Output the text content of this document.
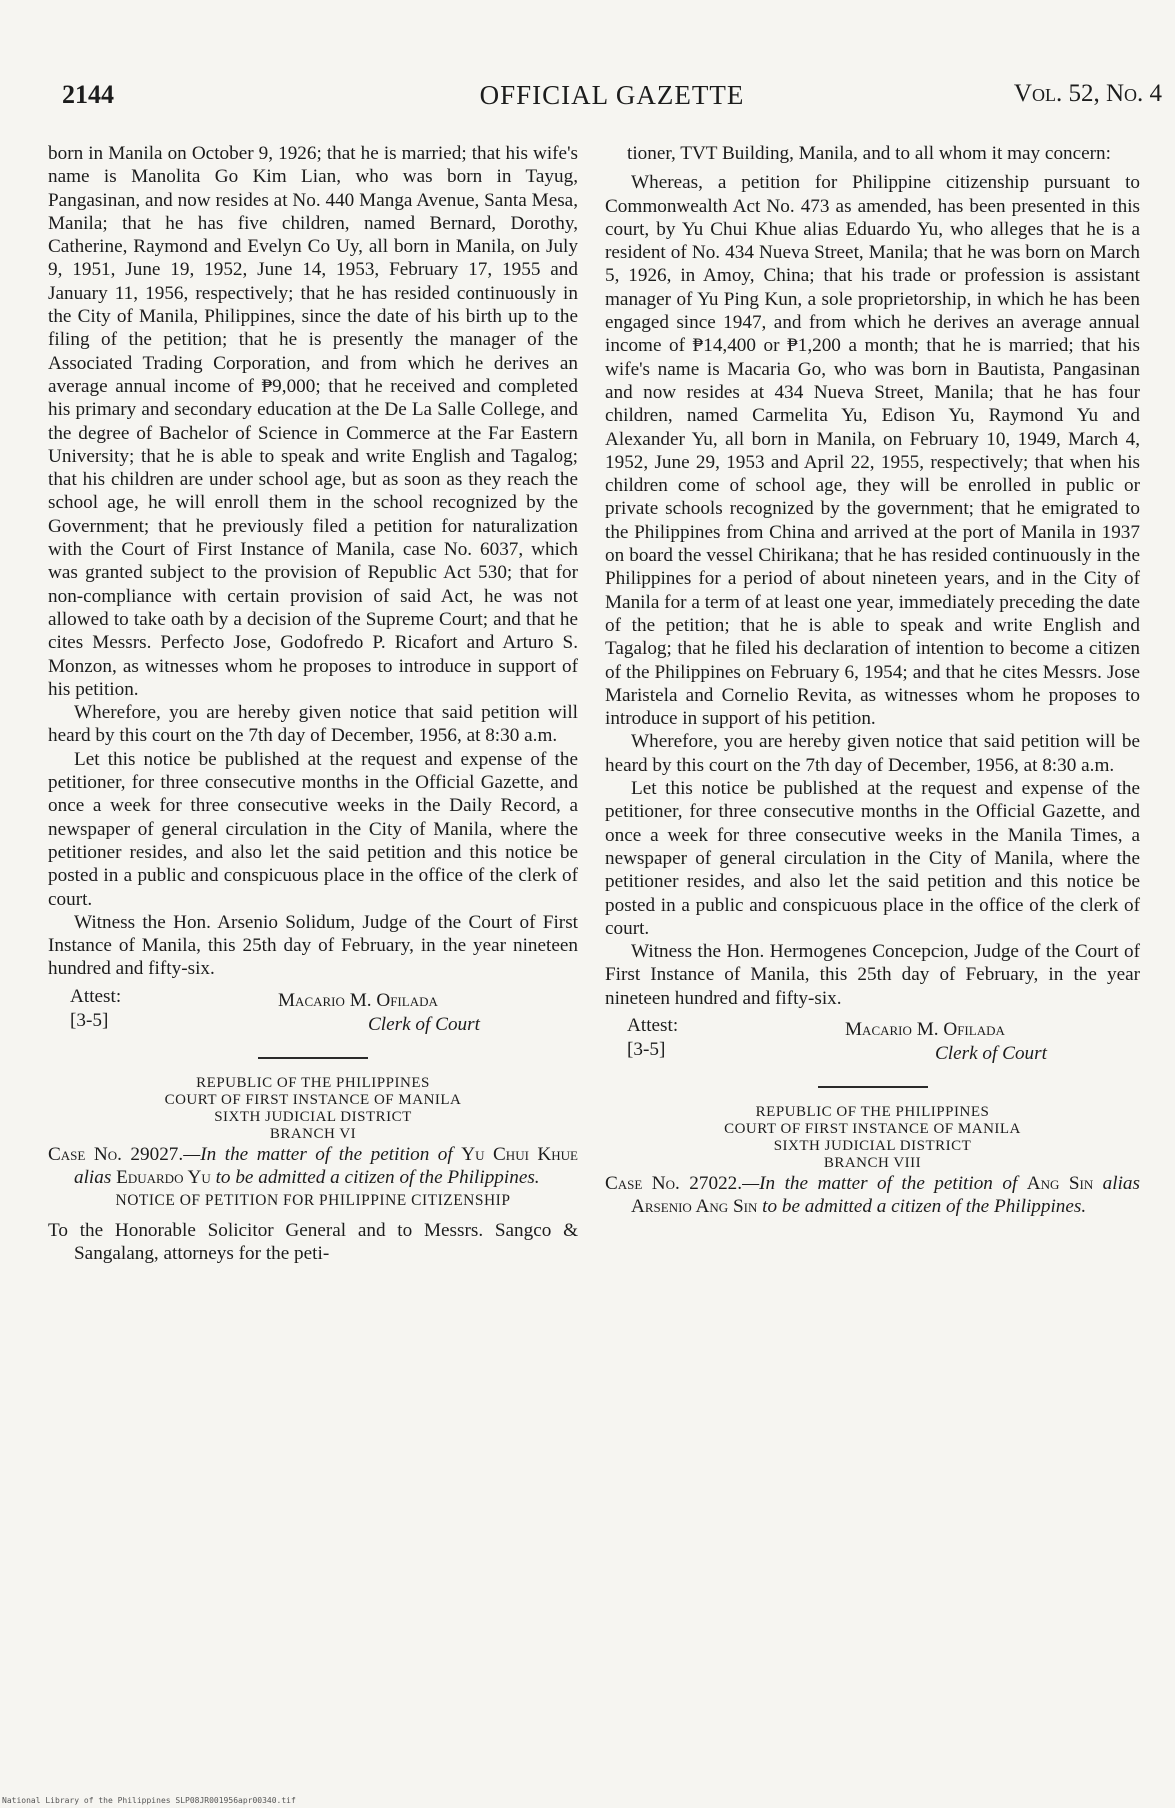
2144	OFFICIAL GAZETTE	Vol. 52, No. 4

born in Manila on October 9, 1926; that he is married; that his wife's name is Manolita Go Kim Lian, who was born in Tayug, Pangasinan, and now resides at No. 440 Manga Avenue, Santa Mesa, Manila; that he has five children, named Bernard, Dorothy, Catherine, Raymond and Evelyn Co Uy, all born in Manila, on July 9, 1951, June 19, 1952, June 14, 1953, February 17, 1955 and January 11, 1956, respectively; that he has resided continuously in the City of Manila, Philippines, since the date of his birth up to the filing of the petition; that he is presently the manager of the Associated Trading Corporation, and from which he derives an average annual income of ₱9,000; that he received and completed his primary and secondary education at the De La Salle College, and the degree of Bachelor of Science in Commerce at the Far Eastern University; that he is able to speak and write English and Tagalog; that his children are under school age, but as soon as they reach the school age, he will enroll them in the school recognized by the Government; that he previously filed a petition for naturalization with the Court of First Instance of Manila, case No. 6037, which was granted subject to the provision of Republic Act 530; that for non-compliance with certain provision of said Act, he was not allowed to take oath by a decision of the Supreme Court; and that he cites Messrs. Perfecto Jose, Godofredo P. Ricafort and Arturo S. Monzon, as witnesses whom he proposes to introduce in support of his petition.

Wherefore, you are hereby given notice that said petition will heard by this court on the 7th day of December, 1956, at 8:30 a.m.

Let this notice be published at the request and expense of the petitioner, for three consecutive months in the Official Gazette, and once a week for three consecutive weeks in the Daily Record, a newspaper of general circulation in the City of Manila, where the petitioner resides, and also let the said petition and this notice be posted in a public and conspicuous place in the office of the clerk of court.

Witness the Hon. Arsenio Solidum, Judge of the Court of First Instance of Manila, this 25th day of February, in the year nineteen hundred and fifty-six.

Attest:
[3-5]
Macario M. Ofilada
Clerk of Court
REPUBLIC OF THE PHILIPPINES
COURT OF FIRST INSTANCE OF MANILA
SIXTH JUDICIAL DISTRICT
BRANCH VI

Case No. 29027.—In the matter of the petition of Yu Chui Khue alias Eduardo Yu to be admitted a citizen of the Philippines.

NOTICE OF PETITION FOR PHILIPPINE CITIZENSHIP

To the Honorable Solicitor General and to Messrs. Sangco & Sangalang, attorneys for the peti-

tioner, TVT Building, Manila, and to all whom it may concern:

Whereas, a petition for Philippine citizenship pursuant to Commonwealth Act No. 473 as amended, has been presented in this court, by Yu Chui Khue alias Eduardo Yu, who alleges that he is a resident of No. 434 Nueva Street, Manila; that he was born on March 5, 1926, in Amoy, China; that his trade or profession is assistant manager of Yu Ping Kun, a sole proprietorship, in which he has been engaged since 1947, and from which he derives an average annual income of ₱14,400 or ₱1,200 a month; that he is married; that his wife's name is Macaria Go, who was born in Bautista, Pangasinan and now resides at 434 Nueva Street, Manila; that he has four children, named Carmelita Yu, Edison Yu, Raymond Yu and Alexander Yu, all born in Manila, on February 10, 1949, March 4, 1952, June 29, 1953 and April 22, 1955, respectively; that when his children come of school age, they will be enrolled in public or private schools recognized by the government; that he emigrated to the Philippines from China and arrived at the port of Manila in 1937 on board the vessel Chirikana; that he has resided continuously in the Philippines for a period of about nineteen years, and in the City of Manila for a term of at least one year, immediately preceding the date of the petition; that he is able to speak and write English and Tagalog; that he filed his declaration of intention to become a citizen of the Philippines on February 6, 1954; and that he cites Messrs. Jose Maristela and Cornelio Revita, as witnesses whom he proposes to introduce in support of his petition.

Wherefore, you are hereby given notice that said petition will be heard by this court on the 7th day of December, 1956, at 8:30 a.m.

Let this notice be published at the request and expense of the petitioner, for three consecutive months in the Official Gazette, and once a week for three consecutive weeks in the Manila Times, a newspaper of general circulation in the City of Manila, where the petitioner resides, and also let the said petition and this notice be posted in a public and conspicuous place in the office of the clerk of court.

Witness the Hon. Hermogenes Concepcion, Judge of the Court of First Instance of Manila, this 25th day of February, in the year nineteen hundred and fifty-six.

Attest:
[3-5]
Macario M. Ofilada
Clerk of Court
REPUBLIC OF THE PHILIPPINES
COURT OF FIRST INSTANCE OF MANILA
SIXTH JUDICIAL DISTRICT
BRANCH VIII

Case No. 27022.—In the matter of the petition of Ang Sin alias Arsenio Ang Sin to be admitted a citizen of the Philippines.

National Library of the Philippines SLP08JR001956apr00340.tif
